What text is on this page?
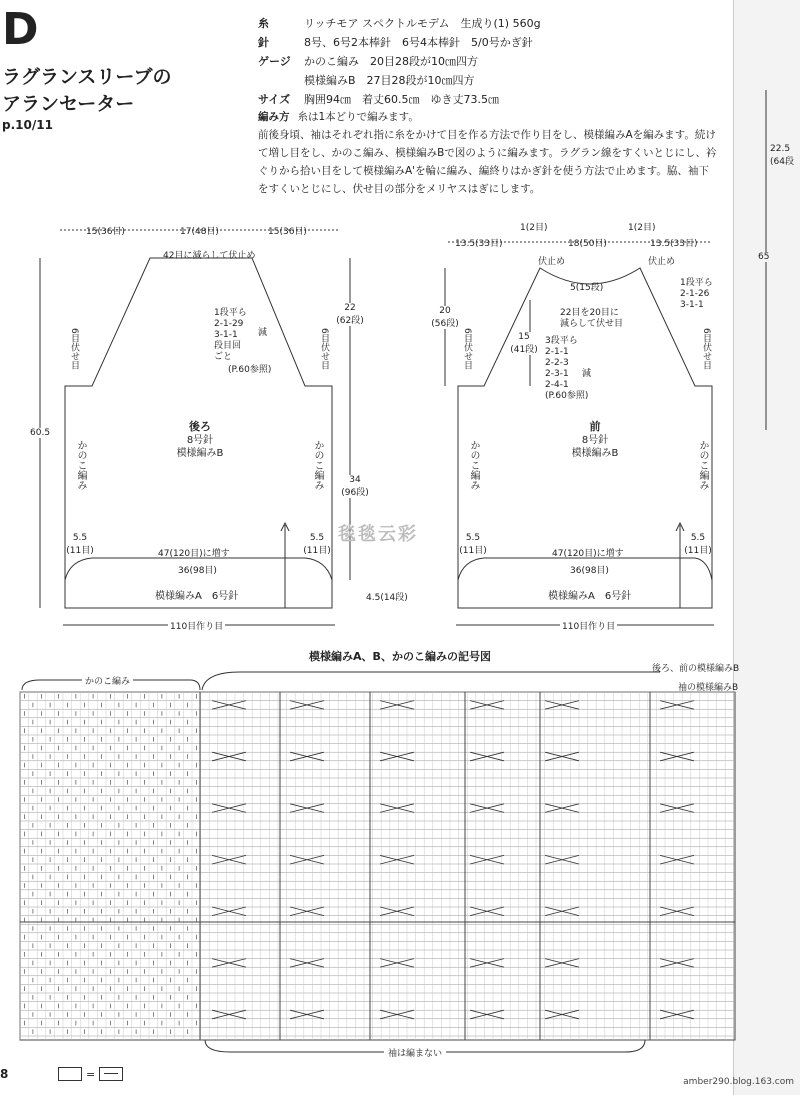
D
ラグランスリーブの
アランセーター
p.10/11
糸	リッチモア スペクトルモデム　生成り(1) 560g
針	8号、6号2本棒針　6号4本棒針　5/0号かぎ針
ゲージ かのこ編み　20目28段が10㎝四方
模様編みB　27目28段が10㎝四方
サイズ 胸囲94㎝　着丈60.5㎝　ゆき丈73.5㎝
編み方 糸は1本どりで編みます。
前後身頃、袖はそれぞれ指に糸をかけて目を作る方法で作り目をし、模様編みAを編みます。続けて増し目をし、かのこ編み、模様編みBで図のように編みます。ラグラン線をすくいとじにし、衿ぐりから拾い目をして模様編みA'を輪に編み、編終りはかぎ針を使う方法で止めます。脇、袖下をすくいとじにし、伏せ目の部分をメリヤスはぎにします。
15(36目)	17(48目)	15(36目)
42目に減らして伏止め
22
(62段)
1段平ら
2-1-29
3-1-1
段目回
ごと
減
(P.60参照)
6目伏せ目	6目伏せ目
60.5	後ろ
8号針
模様編みB
かのこ編み	かのこ編み	34
(96段)
5.5
(11目)
5.5
(11目)
47(120目)に増す
36(98目)
模様編みA　6号針	4.5(14段)
110目作り目
13.5(33目)
1(2目)
18(50目)
1(2目)
13.5(33目)
伏止め	伏止め
5(15段)
22目を20目に
減らして伏せ目
20
(56段)
15
(41段)
3段平ら
2-1-1
2-2-3
2-3-1
2-4-1
(P.60参照)
減
1段平ら
2-1-26
3-1-1
6目伏せ目	6目伏せ目
前
8号針
模様編みB
かのこ編み	かのこ編み
5.5
(11目)
5.5
(11目)
47(120目)に増す
36(98目)
模様編みA　6号針
110目作り目
22.5
(64段
65
毯毯云彩
模様編みA、B、かのこ編みの記号図
かのこ編み
後ろ、前の模様編みB
袖の模様編みB
袖は編まない
8	=
amber290.blog.163.com
